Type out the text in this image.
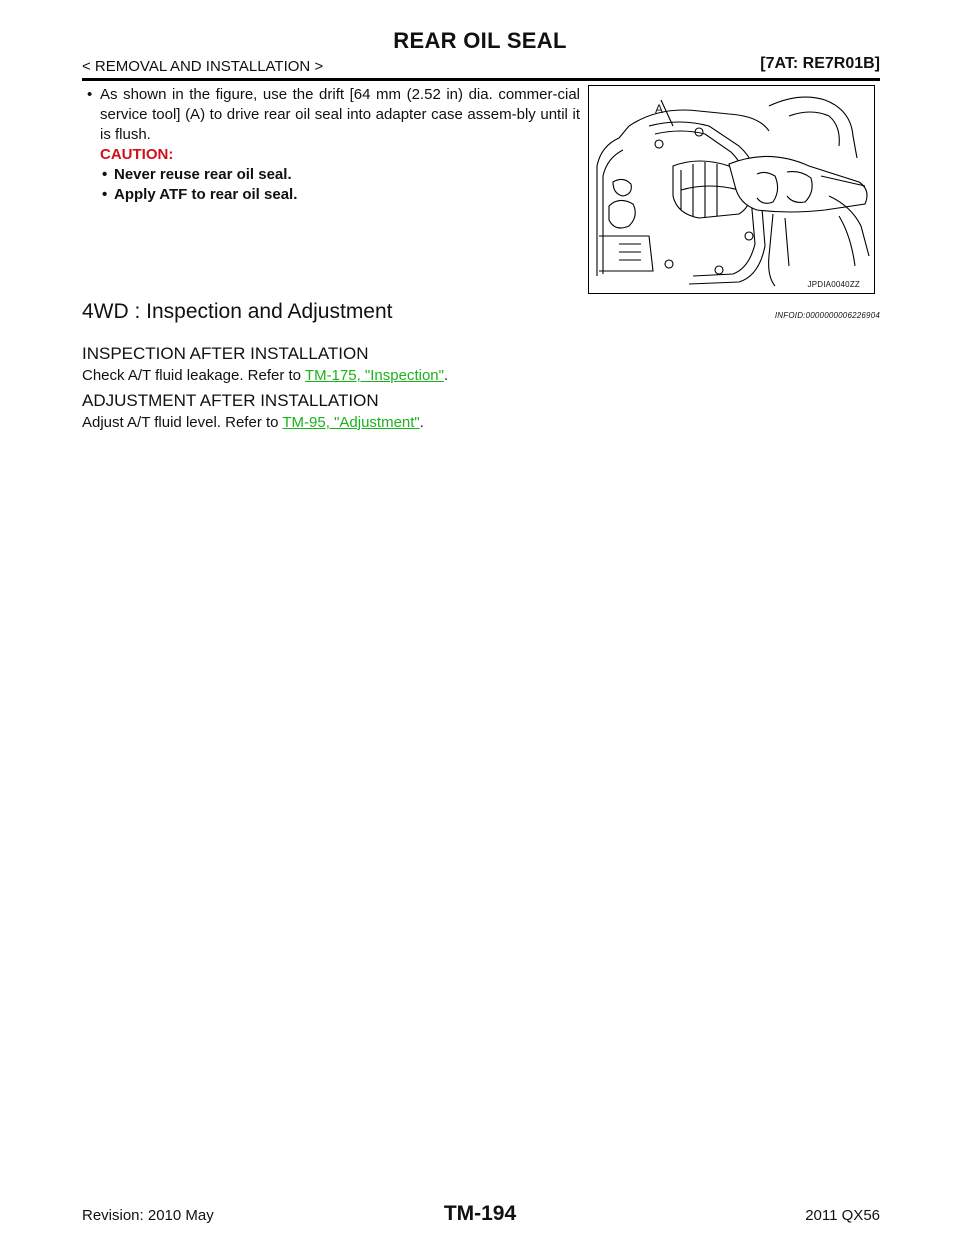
REAR OIL SEAL
< REMOVAL AND INSTALLATION >	[7AT: RE7R01B]
• As shown in the figure, use the drift [64 mm (2.52 in) dia. commer-cial service tool] (A) to drive rear oil seal into adapter case assem-bly until it is flush.
CAUTION:
• Never reuse rear oil seal.
• Apply ATF to rear oil seal.
A
JPDIA0040ZZ
4WD : Inspection and Adjustment	INFOID:0000000006226904
INSPECTION AFTER INSTALLATION
Check A/T fluid leakage. Refer to TM-175, "Inspection".
ADJUSTMENT AFTER INSTALLATION
Adjust A/T fluid level. Refer to TM-95, "Adjustment".
Revision: 2010 May	TM-194	2011 QX56
